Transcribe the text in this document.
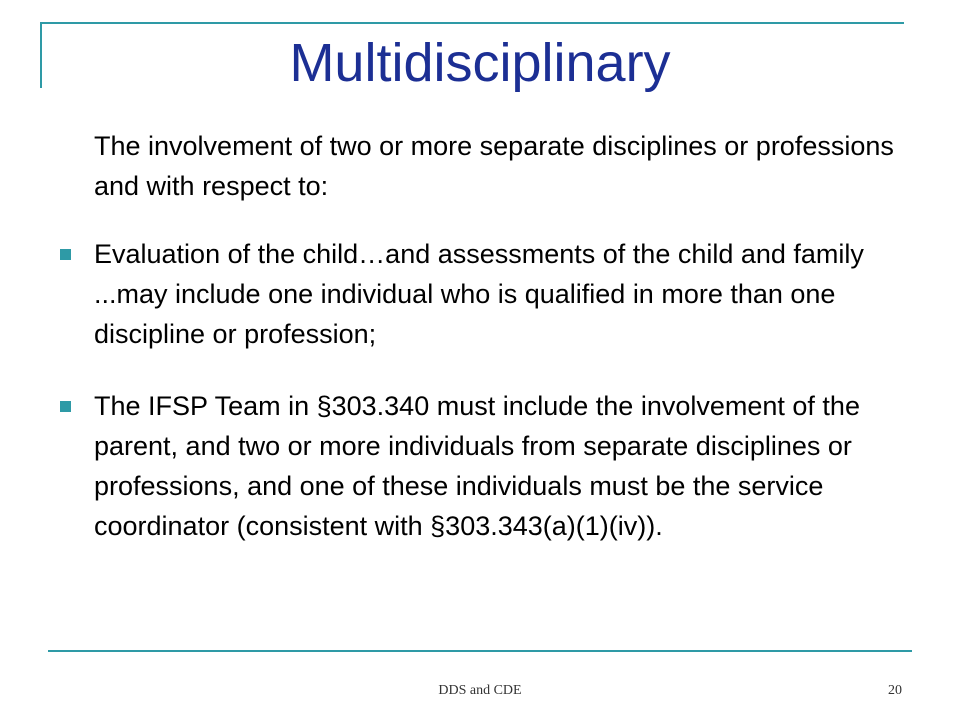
Multidisciplinary
The involvement of two or more separate disciplines or professions and with respect to:
Evaluation of the child…and assessments of the child and family ...may include one individual who is qualified in more than one discipline or profession;
The IFSP Team in §303.340 must include the involvement of the parent, and two or more individuals from separate disciplines or professions, and one of these individuals must be the service coordinator (consistent with §303.343(a)(1)(iv)).
DDS and CDE	20
